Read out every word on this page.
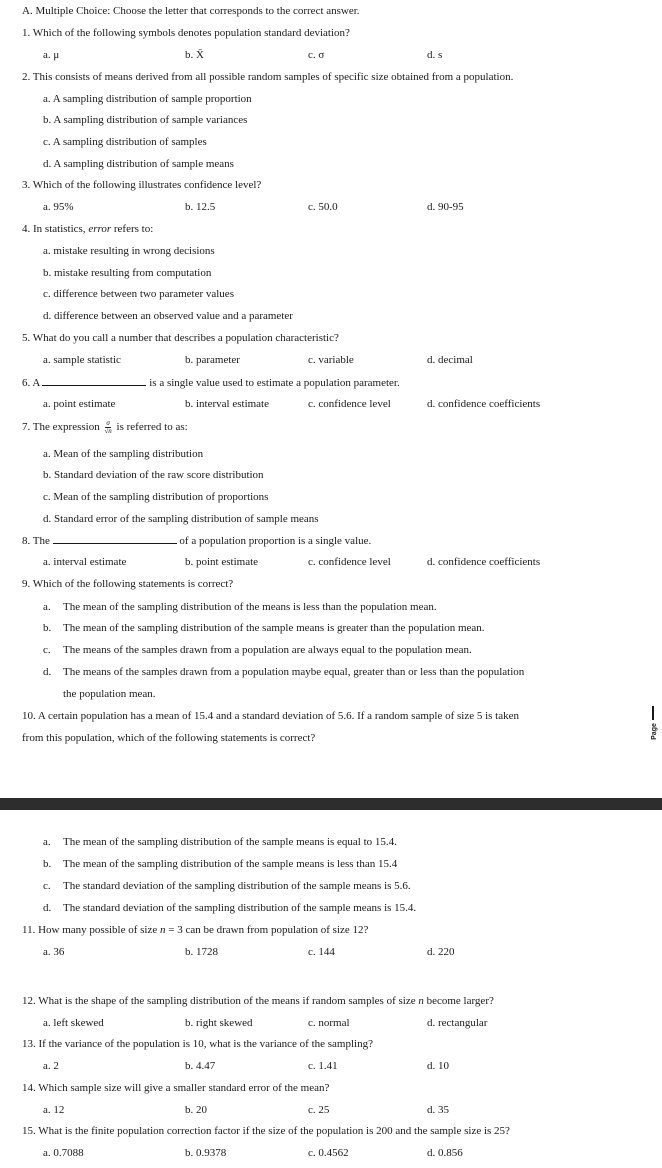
A. Multiple Choice: Choose the letter that corresponds to the correct answer.
1. Which of the following symbols denotes population standard deviation?
a. μ	b. X̄	c. σ	d. s
2. This consists of means derived from all possible random samples of specific size obtained from a population.
a. A sampling distribution of sample proportion
b. A sampling distribution of sample variances
c. A sampling distribution of samples
d. A sampling distribution of sample means
3. Which of the following illustrates confidence level?
a. 95%	b. 12.5	c. 50.0	d. 90-95
4. In statistics, error refers to:
a. mistake resulting in wrong decisions
b. mistake resulting from computation
c. difference between two parameter values
d. difference between an observed value and a parameter
5. What do you call a number that describes a population characteristic?
a. sample statistic	b. parameter	c. variable	d. decimal
6. A	is a single value used to estimate a population parameter.
a. point estimate	b. interval estimate	c. confidence level	d. confidence coefficients
7. The expression $\frac{\sigma}{√n}$ is referred to as:
a. Mean of the sampling distribution
b. Standard deviation of the raw score distribution
c. Mean of the sampling distribution of proportions
d. Standard error of the sampling distribution of sample means
8. The	of a population proportion is a single value.
a. interval estimate	b. point estimate	c. confidence level	d. confidence coefficients
9. Which of the following statements is correct?
a. The mean of the sampling distribution of the means is less than the population mean.
b. The mean of the sampling distribution of the sample means is greater than the population mean.
c. The means of the samples drawn from a population are always equal to the population mean.
d. The means of the samples drawn from a population maybe equal, greater than or less than the population
the population mean.
10. A certain population has a mean of 15.4 and a standard deviation of 5.6. If a random sample of size 5 is taken
from this population, which of the following statements is correct?	Page
a. The mean of the sampling distribution of the sample means is equal to 15.4.
b. The mean of the sampling distribution of the sample means is less than 15.4
c. The standard deviation of the sampling distribution of the sample means is 5.6.
d. The standard deviation of the sampling distribution of the sample means is 15.4.
11. How many possible of size n = 3 can be drawn from population of size 12?
a. 36	b. 1728	c. 144	d. 220
12. What is the shape of the sampling distribution of the means if random samples of size n become larger?
a. left skewed	b. right skewed	c. normal	d. rectangular
13. If the variance of the population is 10, what is the variance of the sampling?
a. 2	b. 4.47	c. 1.41	d. 10
14. Which sample size will give a smaller standard error of the mean?
a. 12	b. 20	c. 25	d. 35
15. What is the finite population correction factor if the size of the population is 200 and the sample size is 25?
a. 0.7088	b. 0.9378	c. 0.4562	d. 0.856
